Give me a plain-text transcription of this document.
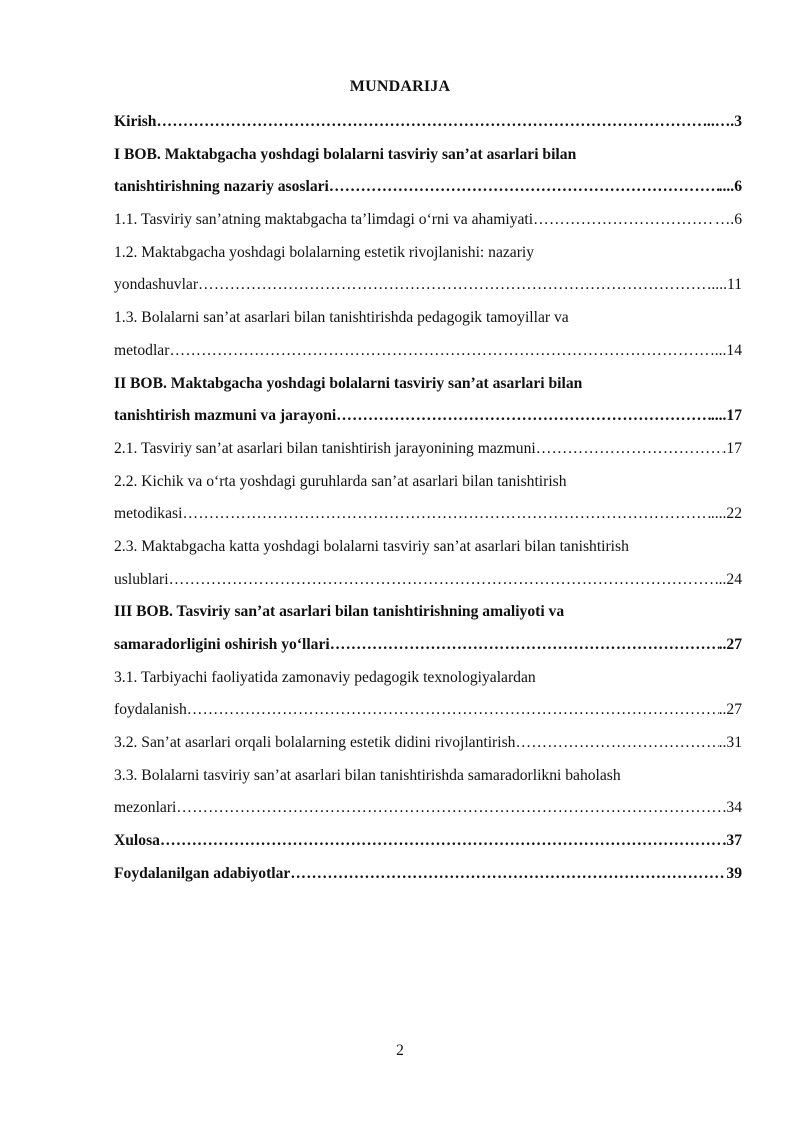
MUNDARIJA
Kirish ……………………………………………………………………………………………………………………………………………………………………………………………………	...….3
I BOB. Maktabgacha yoshdagi bolalarni tasviriy san’at asarlari bilan
tanishtirishning nazariy asoslari ……………………………………………………………………………………………………………………………………………………………………………………………………	....6
1.1. Tasviriy san’atning maktabgacha ta’limdagi o‘rni va ahamiyati ……………………………………………………………………………………………………………………………………………………………………………………………………	….6
1.2. Maktabgacha yoshdagi bolalarning estetik rivojlanishi: nazariy
yondashuvlar ……………………………………………………………………………………………………………………………………………………………………………………………………	....11
1.3. Bolalarni san’at asarlari bilan tanishtirishda pedagogik tamoyillar va
metodlar ……………………………………………………………………………………………………………………………………………………………………………………………………	...14
II BOB. Maktabgacha yoshdagi bolalarni tasviriy san’at asarlari bilan
tanishtirish mazmuni va jarayoni ……………………………………………………………………………………………………………………………………………………………………………………………………	....17
2.1. Tasviriy san’at asarlari bilan tanishtirish jarayonining mazmuni ……………………………………………………………………………………………………………………………………………………………………………………………………	.17
2.2. Kichik va o‘rta yoshdagi guruhlarda san’at asarlari bilan tanishtirish
metodikasi ……………………………………………………………………………………………………………………………………………………………………………………………………	....22
2.3. Maktabgacha katta yoshdagi bolalarni tasviriy san’at asarlari bilan tanishtirish
uslublari ……………………………………………………………………………………………………………………………………………………………………………………………………	...24
III BOB. Tasviriy san’at asarlari bilan tanishtirishning amaliyoti va
samaradorligini oshirish yo‘llari ……………………………………………………………………………………………………………………………………………………………………………………………………	..27
3.1. Tarbiyachi faoliyatida zamonaviy pedagogik texnologiyalardan
foydalanish ……………………………………………………………………………………………………………………………………………………………………………………………………	..27
3.2. San’at asarlari orqali bolalarning estetik didini rivojlantirish ……………………………………………………………………………………………………………………………………………………………………………………………………	..31
3.3. Bolalarni tasviriy san’at asarlari bilan tanishtirishda samaradorlikni baholash
mezonlari ……………………………………………………………………………………………………………………………………………………………………………………………………	.34
Xulosa ……………………………………………………………………………………………………………………………………………………………………………………………………	.37
Foydalanilgan adabiyotlar ……………………………………………………………………………………………………………………………………………………………………………………………………	39
2
